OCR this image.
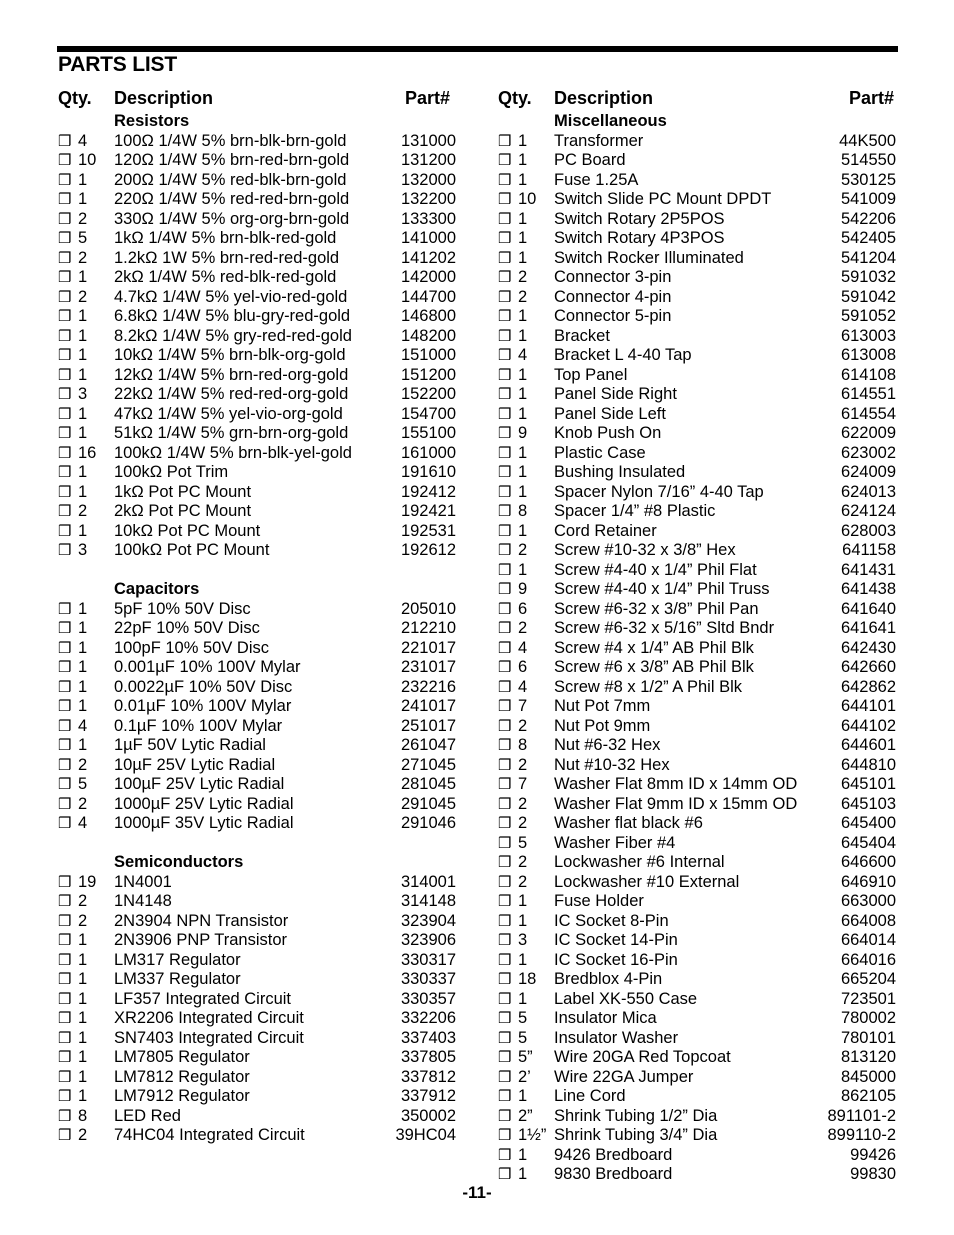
PARTS LIST
Qty. Description	Part#
Resistors
❒ 4 100Ω 1/4W 5% brn-blk-brn-gold	131000
❒ 10 120Ω 1/4W 5% brn-red-brn-gold	131200
❒ 1 200Ω 1/4W 5% red-blk-brn-gold	132000
❒ 1 220Ω 1/4W 5% red-red-brn-gold	132200
❒ 2 330Ω 1/4W 5% org-org-brn-gold	133300
❒ 5 1kΩ 1/4W 5% brn-blk-red-gold	141000
❒ 2 1.2kΩ 1W 5% brn-red-red-gold	141202
❒ 1 2kΩ 1/4W 5% red-blk-red-gold	142000
❒ 2 4.7kΩ 1/4W 5% yel-vio-red-gold	144700
❒ 1 6.8kΩ 1/4W 5% blu-gry-red-gold	146800
❒ 1 8.2kΩ 1/4W 5% gry-red-red-gold	148200
❒ 1 10kΩ 1/4W 5% brn-blk-org-gold	151000
❒ 1 12kΩ 1/4W 5% brn-red-org-gold	151200
❒ 3 22kΩ 1/4W 5% red-red-org-gold	152200
❒ 1 47kΩ 1/4W 5% yel-vio-org-gold	154700
❒ 1 51kΩ 1/4W 5% grn-brn-org-gold	155100
❒ 16 100kΩ 1/4W 5% brn-blk-yel-gold	161000
❒ 1 100kΩ Pot Trim	191610
❒ 1 1kΩ Pot PC Mount	192412
❒ 2 2kΩ Pot PC Mount	192421
❒ 1 10kΩ Pot PC Mount	192531
❒ 3 100kΩ Pot PC Mount	192612
Capacitors
❒ 1 5pF 10% 50V Disc	205010
❒ 1 22pF 10% 50V Disc	212210
❒ 1 100pF 10% 50V Disc	221017
❒ 1 0.001µF 10% 100V Mylar	231017
❒ 1 0.0022µF 10% 50V Disc	232216
❒ 1 0.01µF 10% 100V Mylar	241017
❒ 4 0.1µF 10% 100V Mylar	251017
❒ 1 1µF 50V Lytic Radial	261047
❒ 2 10µF 25V Lytic Radial	271045
❒ 5 100µF 25V Lytic Radial	281045
❒ 2 1000µF 25V Lytic Radial	291045
❒ 4 1000µF 35V Lytic Radial	291046
Semiconductors
❒ 19 1N4001	314001
❒ 2 1N4148	314148
❒ 2 2N3904 NPN Transistor	323904
❒ 1 2N3906 PNP Transistor	323906
❒ 1 LM317 Regulator	330317
❒ 1 LM337 Regulator	330337
❒ 1 LF357 Integrated Circuit	330357
❒ 1 XR2206 Integrated Circuit	332206
❒ 1 SN7403 Integrated Circuit	337403
❒ 1 LM7805 Regulator	337805
❒ 1 LM7812 Regulator	337812
❒ 1 LM7912 Regulator	337912
❒ 8 LED Red	350002
❒ 2 74HC04 Integrated Circuit	39HC04
Qty. Description	Part#
Miscellaneous
❒ 1 Transformer	44K500
❒ 1 PC Board	514550
❒ 1 Fuse 1.25A	530125
❒ 10 Switch Slide PC Mount DPDT	541009
❒ 1 Switch Rotary 2P5POS	542206
❒ 1 Switch Rotary 4P3POS	542405
❒ 1 Switch Rocker Illuminated	541204
❒ 2 Connector 3-pin	591032
❒ 2 Connector 4-pin	591042
❒ 1 Connector 5-pin	591052
❒ 1 Bracket	613003
❒ 4 Bracket L 4-40 Tap	613008
❒ 1 Top Panel	614108
❒ 1 Panel Side Right	614551
❒ 1 Panel Side Left	614554
❒ 9 Knob Push On	622009
❒ 1 Plastic Case	623002
❒ 1 Bushing Insulated	624009
❒ 1 Spacer Nylon 7/16” 4-40 Tap	624013
❒ 8 Spacer 1/4” #8 Plastic	624124
❒ 1 Cord Retainer	628003
❒ 2 Screw #10-32 x 3/8” Hex	641158
❒ 1 Screw #4-40 x 1/4” Phil Flat	641431
❒ 9 Screw #4-40 x 1/4” Phil Truss	641438
❒ 6 Screw #6-32 x 3/8” Phil Pan	641640
❒ 2 Screw #6-32 x 5/16” Sltd Bndr	641641
❒ 4 Screw #4 x 1/4” AB Phil Blk	642430
❒ 6 Screw #6 x 3/8” AB Phil Blk	642660
❒ 4 Screw #8 x 1/2” A Phil Blk	642862
❒ 7 Nut Pot 7mm	644101
❒ 2 Nut Pot 9mm	644102
❒ 8 Nut #6-32 Hex	644601
❒ 2 Nut #10-32 Hex	644810
❒ 7 Washer Flat 8mm ID x 14mm OD	645101
❒ 2 Washer Flat 9mm ID x 15mm OD	645103
❒ 2 Washer flat black #6	645400
❒ 5 Washer Fiber #4	645404
❒ 2 Lockwasher #6 Internal	646600
❒ 2 Lockwasher #10 External	646910
❒ 1 Fuse Holder	663000
❒ 1 IC Socket 8-Pin	664008
❒ 3 IC Socket 14-Pin	664014
❒ 1 IC Socket 16-Pin	664016
❒ 18 Bredblox 4-Pin	665204
❒ 1 Label XK-550 Case	723501
❒ 5 Insulator Mica	780002
❒ 5 Insulator Washer	780101
❒ 5” Wire 20GA Red Topcoat	813120
❒ 2’ Wire 22GA Jumper	845000
❒ 1 Line Cord	862105
❒ 2” Shrink Tubing 1/2” Dia	891101-2
❒ 1½” Shrink Tubing 3/4” Dia	899110-2
❒ 1 9426 Bredboard	99426
❒ 1 9830 Bredboard	99830
-11-
